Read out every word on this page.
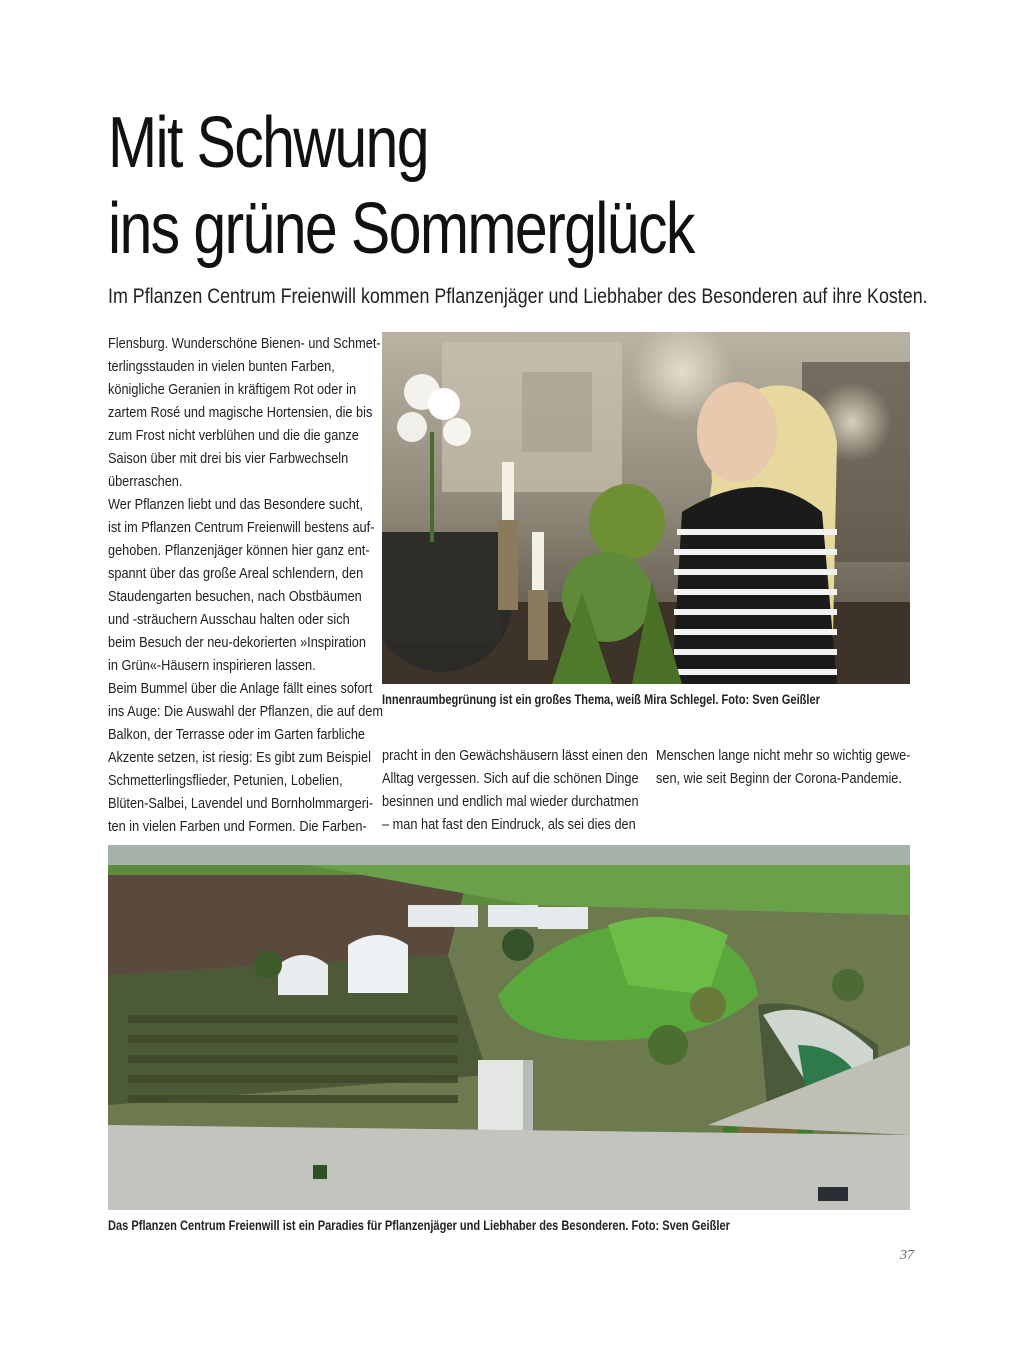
Mit Schwung
ins grüne Sommerglück
Im Pflanzen Centrum Freienwill kommen Pflanzenjäger und Liebhaber des Besonderen auf ihre Kosten.
Flensburg. Wunderschöne Bienen- und Schmet-
terlingsstauden in vielen bunten Farben,
königliche Geranien in kräftigem Rot oder in
zartem Rosé und magische Hortensien, die bis
zum Frost nicht verblühen und die die ganze
Saison über mit drei bis vier Farbwechseln
überraschen.
Wer Pflanzen liebt und das Besondere sucht,
ist im Pflanzen Centrum Freienwill bestens auf-
gehoben. Pflanzenjäger können hier ganz ent-
spannt über das große Areal schlendern, den
Staudengarten besuchen, nach Obstbäumen
und -sträuchern Ausschau halten oder sich
beim Besuch der neu-dekorierten »Inspiration
in Grün«-Häusern inspirieren lassen.
Beim Bummel über die Anlage fällt eines sofort
ins Auge: Die Auswahl der Pflanzen, die auf dem
Balkon, der Terrasse oder im Garten farbliche
Akzente setzen, ist riesig: Es gibt zum Beispiel
Schmetterlingsflieder, Petunien, Lobelien,
Blüten-Salbei, Lavendel und Bornholmmargeri-
ten in vielen Farben und Formen. Die Farben-
Innenraumbegrünung ist ein großes Thema, weiß Mira Schlegel. Foto: Sven Geißler
pracht in den Gewächshäusern lässt einen den
Alltag vergessen. Sich auf die schönen Dinge
besinnen und endlich mal wieder durchatmen
– man hat fast den Eindruck, als sei dies den
Menschen lange nicht mehr so wichtig gewe-
sen, wie seit Beginn der Corona-Pandemie.
Das Pflanzen Centrum Freienwill ist ein Paradies für Pflanzenjäger und Liebhaber des Besonderen. Foto: Sven Geißler
37
